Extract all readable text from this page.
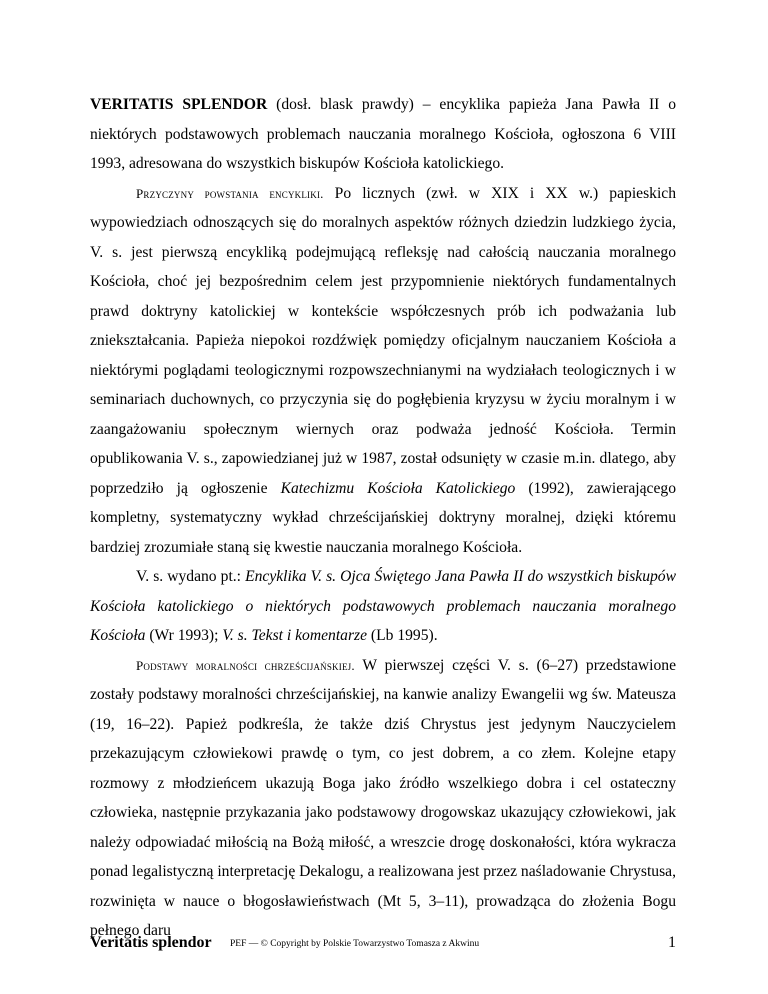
VERITATIS SPLENDOR (dosł. blask prawdy) – encyklika papieża Jana Pawła II o niektórych podstawowych problemach nauczania moralnego Kościoła, ogłoszona 6 VIII 1993, adresowana do wszystkich biskupów Kościoła katolickiego.

Przyczyny powstania encykliki. Po licznych (zwł. w XIX i XX w.) papieskich wypowiedziach odnoszących się do moralnych aspektów różnych dziedzin ludzkiego życia, V. s. jest pierwszą encykliką podejmującą refleksję nad całością nauczania moralnego Kościoła, choć jej bezpośrednim celem jest przypomnienie niektórych fundamentalnych prawd doktryny katolickiej w kontekście współczesnych prób ich podważania lub zniekształcania. Papieża niepokoi rozdźwięk pomiędzy oficjalnym nauczaniem Kościoła a niektórymi poglądami teologicznymi rozpowszechnianymi na wydziałach teologicznych i w seminariach duchownych, co przyczynia się do pogłębienia kryzysu w życiu moralnym i w zaangażowaniu społecznym wiernych oraz podważa jedność Kościoła. Termin opublikowania V. s., zapowiedzianej już w 1987, został odsunięty w czasie m.in. dlatego, aby poprzedziło ją ogłoszenie Katechizmu Kościoła Katolickiego (1992), zawierającego kompletny, systematyczny wykład chrześcijańskiej doktryny moralnej, dzięki któremu bardziej zrozumiałe staną się kwestie nauczania moralnego Kościoła.

V. s. wydano pt.: Encyklika V. s. Ojca Świętego Jana Pawła II do wszystkich biskupów Kościoła katolickiego o niektórych podstawowych problemach nauczania moralnego Kościoła (Wr 1993); V. s. Tekst i komentarze (Lb 1995).

Podstawy moralności chrześcijańskiej. W pierwszej części V. s. (6–27) przedstawione zostały podstawy moralności chrześcijańskiej, na kanwie analizy Ewangelii wg św. Mateusza (19, 16–22). Papież podkreśla, że także dziś Chrystus jest jedynym Nauczycielem przekazującym człowiekowi prawdę o tym, co jest dobrem, a co złem. Kolejne etapy rozmowy z młodzieńcem ukazują Boga jako źródło wszelkiego dobra i cel ostateczny człowieka, następnie przykazania jako podstawowy drogowskaz ukazujący człowiekowi, jak należy odpowiadać miłością na Bożą miłość, a wreszcie drogę doskonałości, która wykracza ponad legalistyczną interpretację Dekalogu, a realizowana jest przez naśladowanie Chrystusa, rozwinięta w nauce o błogosławieństwach (Mt 5, 3–11), prowadząca do złożenia Bogu pełnego daru

Veritatis splendor PEF — © Copyright by Polskie Towarzystwo Tomasza z Akwinu	1
